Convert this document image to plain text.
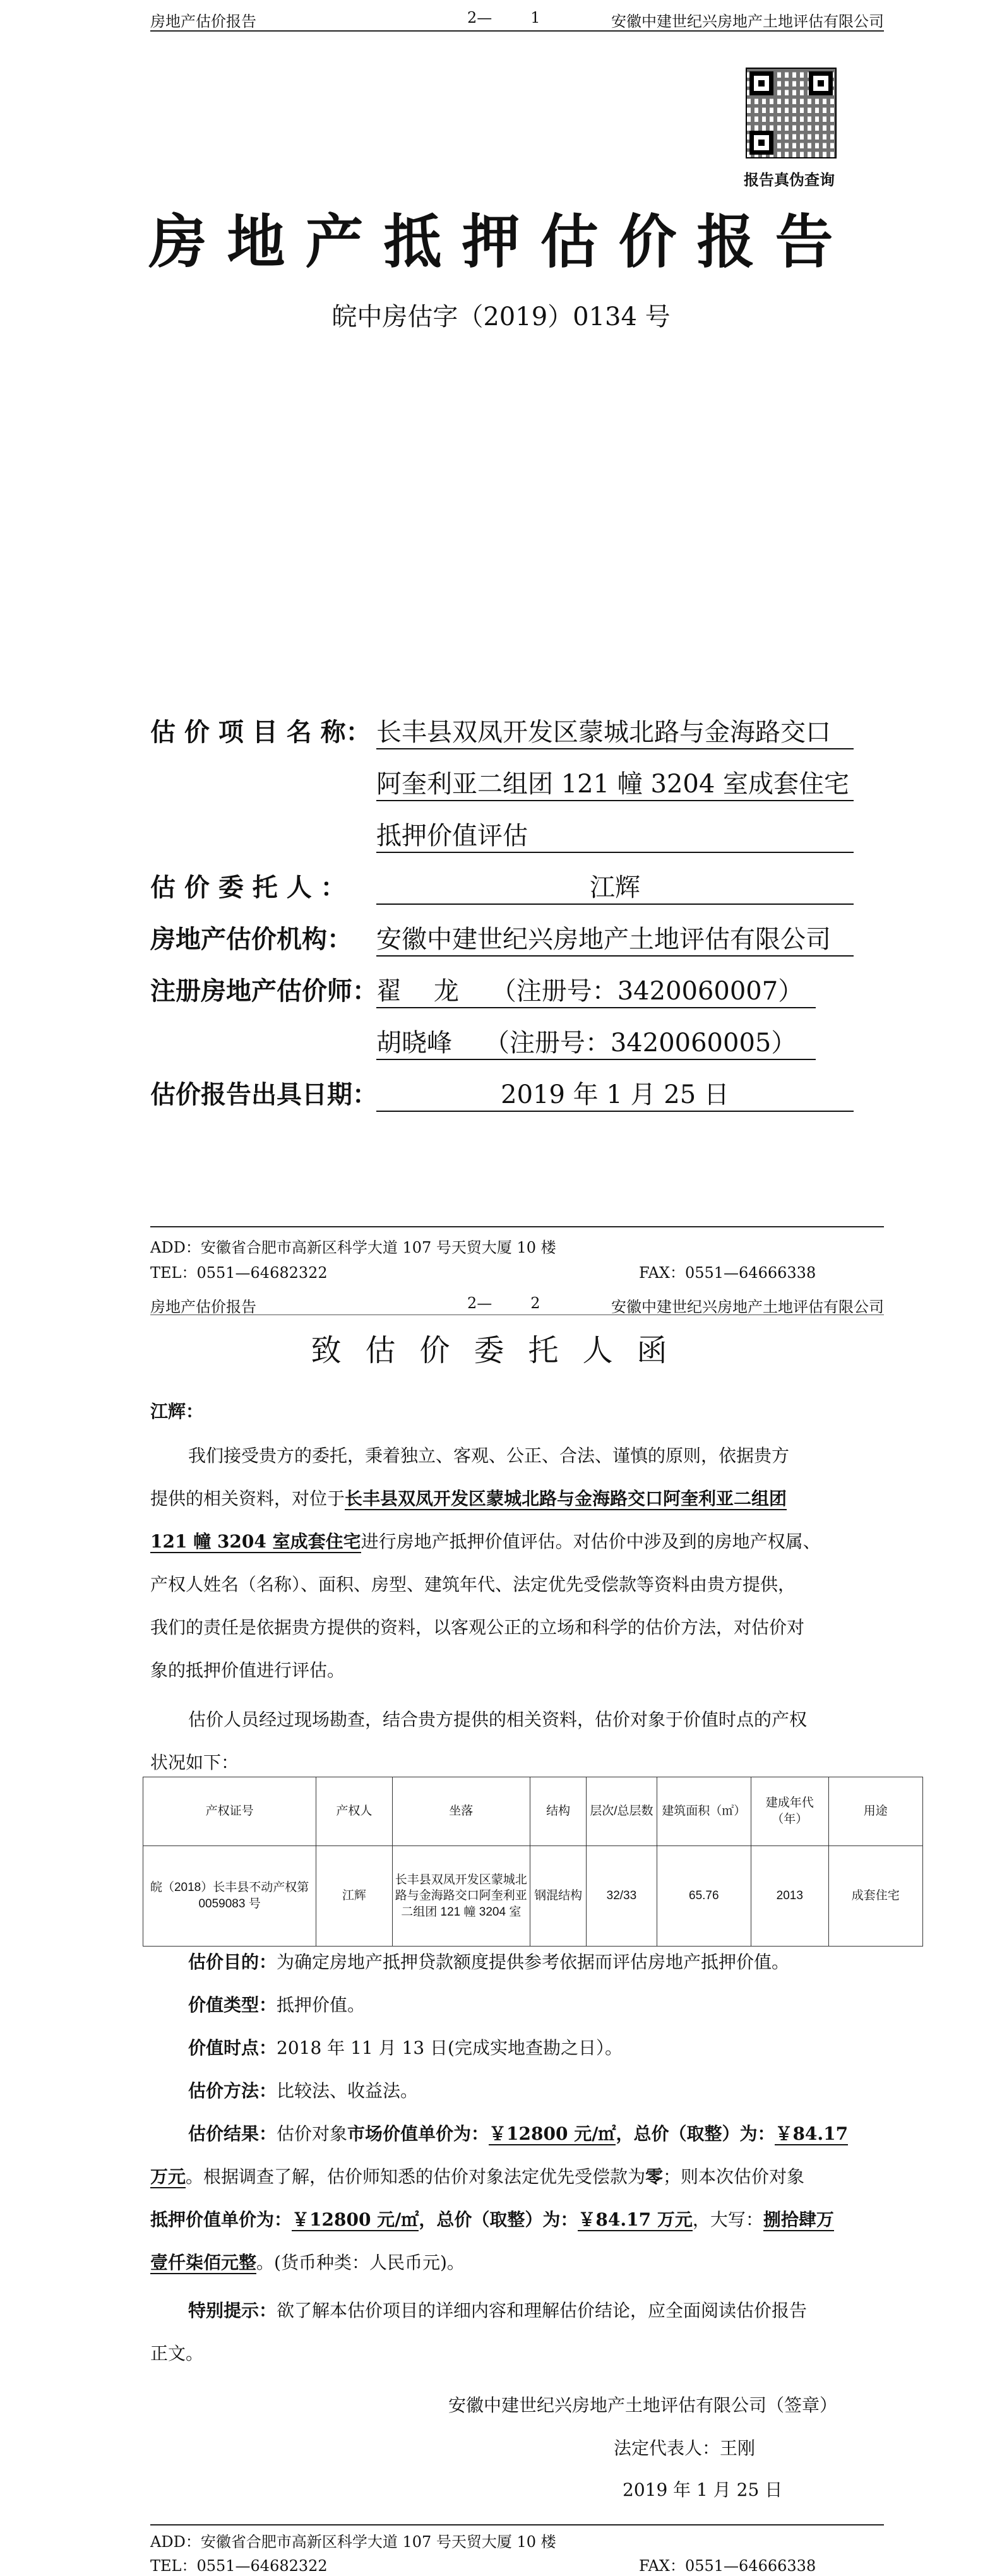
房地产估价报告	2—        1	安徽中建世纪兴房地产土地评估有限公司
报告真伪查询
房地产抵押估价报告
皖中房估字（2019）0134 号
估 价 项 目 名 称： 长丰县双凤开发区蒙城北路与金海路交口
阿奎利亚二组团 121 幢 3204 室成套住宅
抵押价值评估
估 价 委 托 人 ：	江辉
房地产估价机构： 安徽中建世纪兴房地产土地评估有限公司
注册房地产估价师：
翟    龙    （注册号：3420060007）
胡晓峰    （注册号：3420060005）
估价报告出具日期：	2019 年 1 月 25 日
ADD：安徽省合肥市高新区科学大道 107 号天贸大厦 10 楼
TEL：0551—64682322	FAX：0551—64666338
房地产估价报告	2—        2	安徽中建世纪兴房地产土地评估有限公司
致估价委托人函
江辉：
我们接受贵方的委托，秉着独立、客观、公正、合法、谨慎的原则，依据贵方
提供的相关资料，对位于长丰县双凤开发区蒙城北路与金海路交口阿奎利亚二组团
121 幢 3204 室成套住宅进行房地产抵押价值评估。对估价中涉及到的房地产权属、
产权人姓名（名称）、面积、房型、建筑年代、法定优先受偿款等资料由贵方提供，
我们的责任是依据贵方提供的资料，以客观公正的立场和科学的估价方法，对估价对
象的抵押价值进行评估。
估价人员经过现场勘查，结合贵方提供的相关资料，估价对象于价值时点的产权
状况如下：
产权证号	产权人	坐落	结构	层次/总层数	建筑面积（㎡）	建成年代（年）	用途
皖（2018）长丰县不动产权第 0059083 号	江辉	长丰县双凤开发区蒙城北路与金海路交口阿奎利亚二组团 121 幢 3204 室	钢混结构	32/33	65.76	2013	成套住宅
估价目的：为确定房地产抵押贷款额度提供参考依据而评估房地产抵押价值。
价值类型：抵押价值。
价值时点：2018 年 11 月 13 日(完成实地查勘之日）。
估价方法：比较法、收益法。
估价结果：估价对象市场价值单价为：￥12800 元/㎡，总价（取整）为：￥84.17
万元。根据调查了解，估价师知悉的估价对象法定优先受偿款为零；则本次估价对象
抵押价值单价为：￥12800 元/㎡，总价（取整）为：￥84.17 万元，大写：捌拾肆万
壹仟柒佰元整。(货币种类：人民币元)。
特别提示：欲了解本估价项目的详细内容和理解估价结论，应全面阅读估价报告
正文。
安徽中建世纪兴房地产土地评估有限公司（签章）
法定代表人：王刚
2019 年 1 月 25 日
ADD：安徽省合肥市高新区科学大道 107 号天贸大厦 10 楼
TEL：0551—64682322	FAX：0551—64666338
